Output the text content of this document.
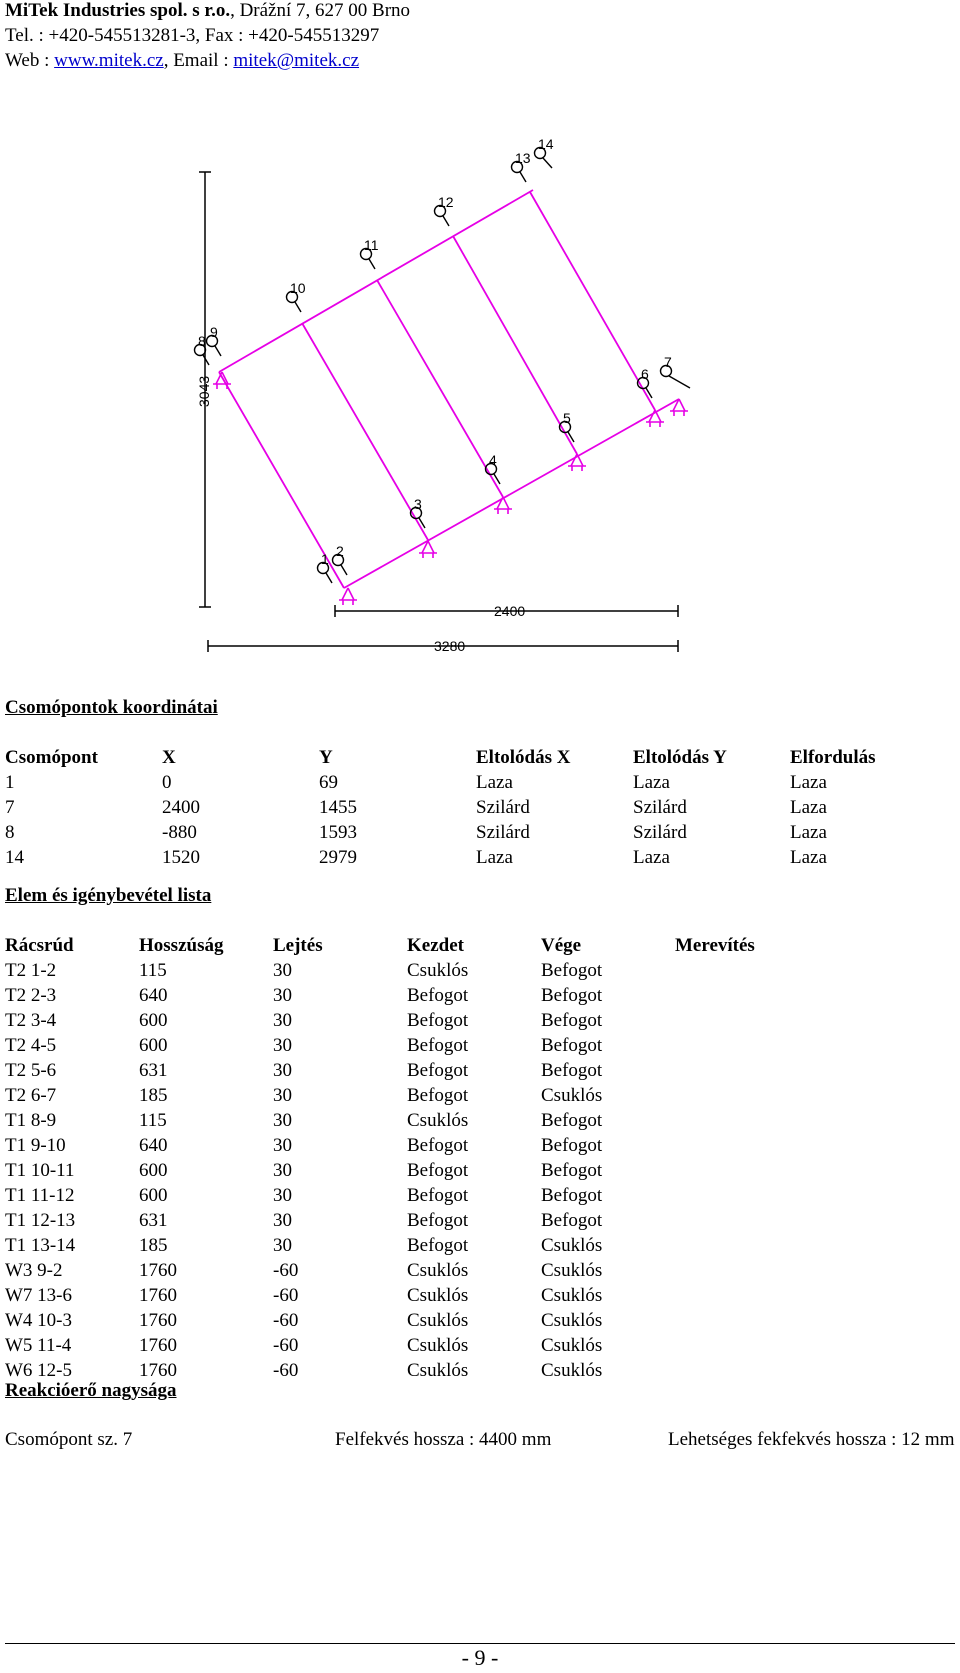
MiTek Industries spol. s r.o., Drážní 7, 627 00 Brno
Tel. : +420-545513281-3, Fax : +420-545513297
Web : www.mitek.cz, Email : mitek@mitek.cz
1 2
3
4
5
6
7
8
9
10
11
12
13
14
3043
2400
3280
Csomópontok koordinátai
Csomópont	X	Y	Eltolódás X	Eltolódás Y	Elfordulás
1	0	69	Laza	Laza	Laza
7	2400	1455	Szilárd	Szilárd	Laza
8	-880	1593	Szilárd	Szilárd	Laza
14	1520	2979	Laza	Laza	Laza
Elem és igénybevétel lista
Rácsrúd	Hosszúság	Lejtés	Kezdet	Vége	Merevítés
T2 1-2	115	30	Csuklós	Befogot	
T2 2-3	640	30	Befogot	Befogot	
T2 3-4	600	30	Befogot	Befogot	
T2 4-5	600	30	Befogot	Befogot	
T2 5-6	631	30	Befogot	Befogot	
T2 6-7	185	30	Befogot	Csuklós	
T1 8-9	115	30	Csuklós	Befogot	
T1 9-10	640	30	Befogot	Befogot	
T1 10-11	600	30	Befogot	Befogot	
T1 11-12	600	30	Befogot	Befogot	
T1 12-13	631	30	Befogot	Befogot	
T1 13-14	185	30	Befogot	Csuklós	
W3 9-2	1760	-60	Csuklós	Csuklós	
W7 13-6	1760	-60	Csuklós	Csuklós	
W4 10-3	1760	-60	Csuklós	Csuklós	
W5 11-4	1760	-60	Csuklós	Csuklós	
W6 12-5	1760	-60	Csuklós	Csuklós	
Reakcióerő nagysága
Csomópont sz. 7	Felfekvés hossza : 4400 mm	Lehetséges fekfekvés hossza : 12 mm
- 9 -
